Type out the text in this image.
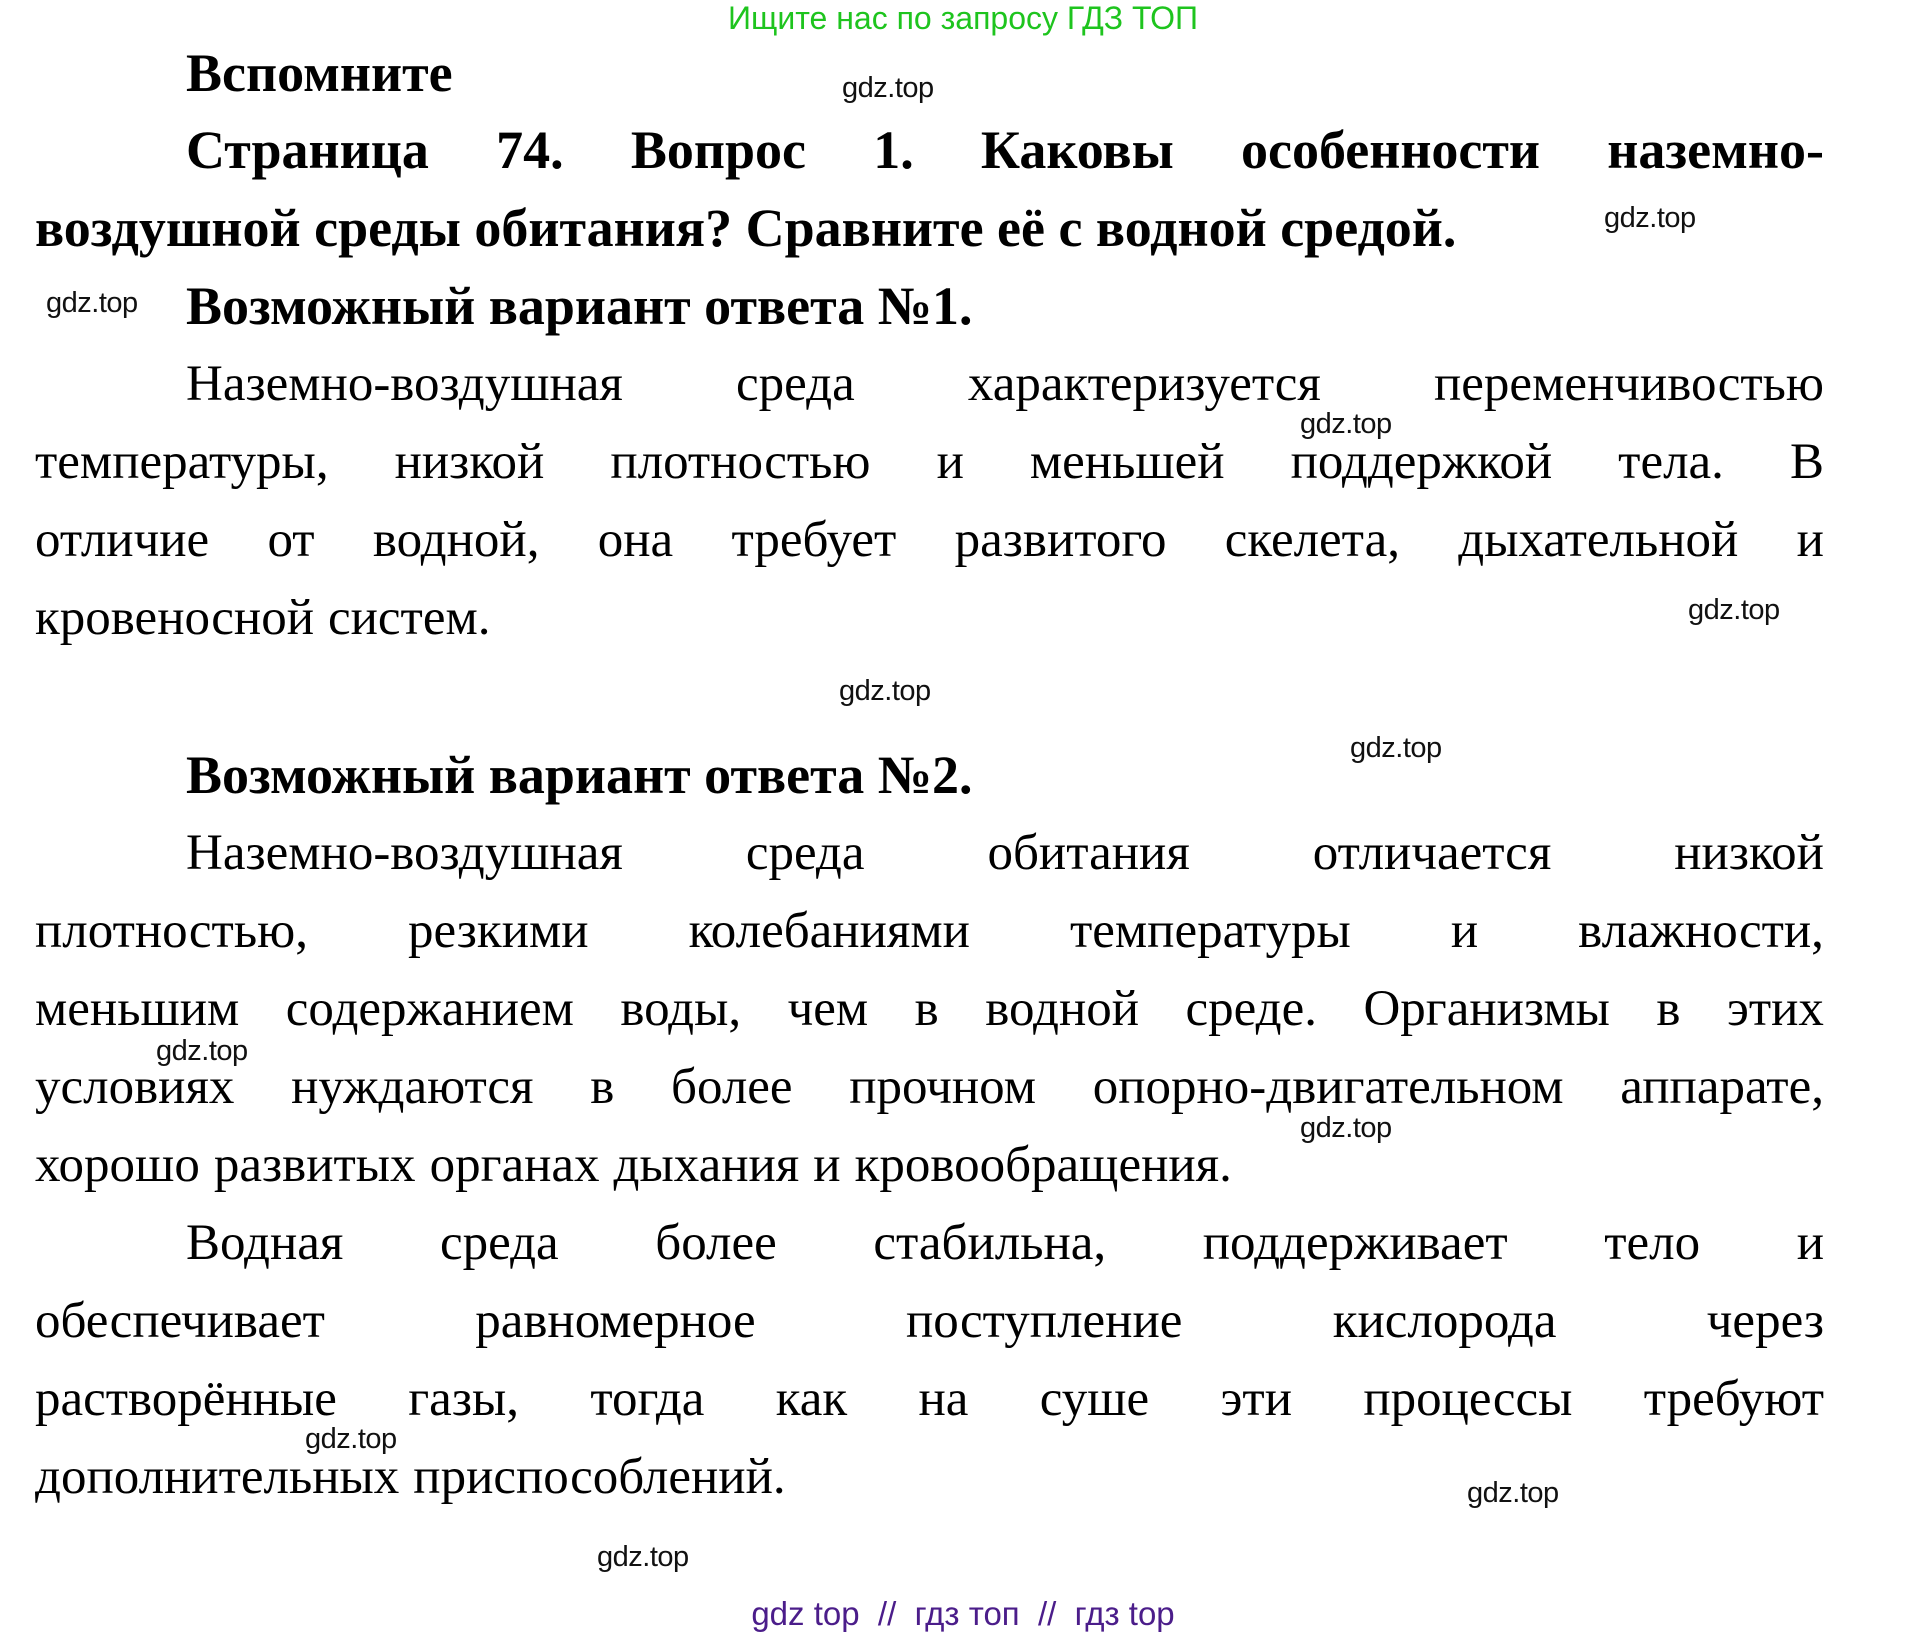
Ищите нас по запросу ГДЗ ТОП
Вспомните
Страница 74. Вопрос 1. Каковы особенности наземно-
воздушной среды обитания? Сравните её с водной средой.
Возможный вариант ответа №1.
Наземно-воздушная среда характеризуется переменчивостью
температуры, низкой плотностью и меньшей поддержкой тела. В
отличие от водной, она требует развитого скелета, дыхательной и
кровеносной систем.
Возможный вариант ответа №2.
Наземно-воздушная среда обитания отличается низкой
плотностью, резкими колебаниями температуры и влажности,
меньшим содержанием воды, чем в водной среде. Организмы в этих
условиях нуждаются в более прочном опорно-двигательном аппарате,
хорошо развитых органах дыхания и кровообращения.
Водная среда более стабильна, поддерживает тело и
обеспечивает	равномерное	поступление	кислорода	через
растворённые газы, тогда как на суше эти процессы требуют
дополнительных приспособлений.
gdz.top
gdz.top
gdz.top
gdz.top
gdz.top
gdz.top
gdz.top
gdz.top
gdz.top
gdz.top
gdz.top
gdz.top
gdz top  //  гдз топ  //  гдз top
